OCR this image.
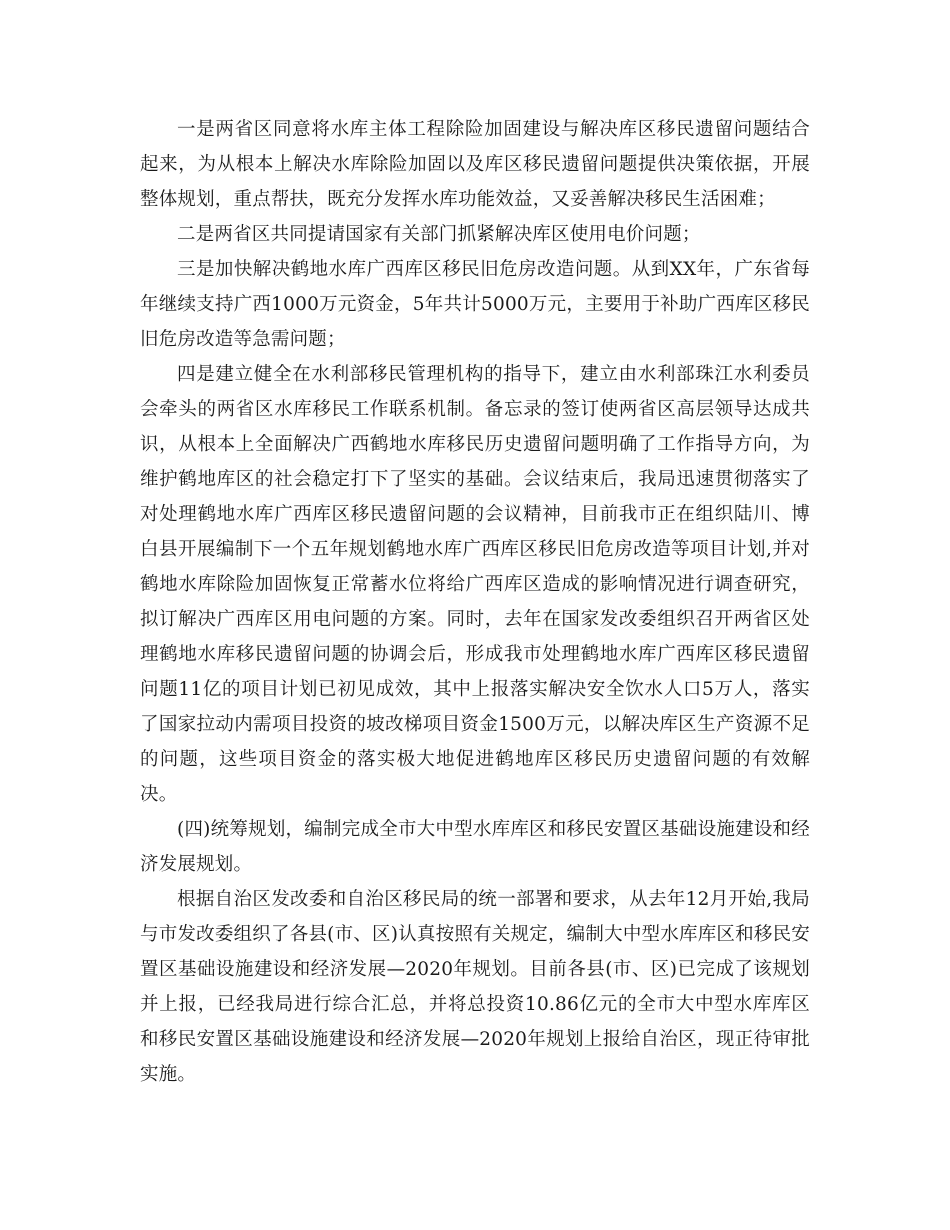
一是两省区同意将水库主体工程除险加固建设与解决库区移民遗留问题结合起来，为从根本上解决水库除险加固以及库区移民遗留问题提供决策依据，开展整体规划，重点帮扶，既充分发挥水库功能效益，又妥善解决移民生活困难；

二是两省区共同提请国家有关部门抓紧解决库区使用电价问题；

三是加快解决鹤地水库广西库区移民旧危房改造问题。从到XX年，广东省每年继续支持广西1000万元资金，5年共计5000万元，主要用于补助广西库区移民旧危房改造等急需问题；

四是建立健全在水利部移民管理机构的指导下，建立由水利部珠江水利委员会牵头的两省区水库移民工作联系机制。备忘录的签订使两省区高层领导达成共识，从根本上全面解决广西鹤地水库移民历史遗留问题明确了工作指导方向，为维护鹤地库区的社会稳定打下了坚实的基础。会议结束后，我局迅速贯彻落实了对处理鹤地水库广西库区移民遗留问题的会议精神，目前我市正在组织陆川、博白县开展编制下一个五年规划鹤地水库广西库区移民旧危房改造等项目计划,并对鹤地水库除险加固恢复正常蓄水位将给广西库区造成的影响情况进行调查研究，拟订解决广西库区用电问题的方案。同时，去年在国家发改委组织召开两省区处理鹤地水库移民遗留问题的协调会后，形成我市处理鹤地水库广西库区移民遗留问题11亿的项目计划已初见成效，其中上报落实解决安全饮水人口5万人，落实了国家拉动内需项目投资的坡改梯项目资金1500万元，以解决库区生产资源不足的问题，这些项目资金的落实极大地促进鹤地库区移民历史遗留问题的有效解决。

(四)统筹规划，编制完成全市大中型水库库区和移民安置区基础设施建设和经济发展规划。

根据自治区发改委和自治区移民局的统一部署和要求，从去年12月开始,我局与市发改委组织了各县(市、区)认真按照有关规定，编制大中型水库库区和移民安置区基础设施建设和经济发展—2020年规划。目前各县(市、区)已完成了该规划并上报，已经我局进行综合汇总，并将总投资10.86亿元的全市大中型水库库区和移民安置区基础设施建设和经济发展—2020年规划上报给自治区，现正待审批实施。
